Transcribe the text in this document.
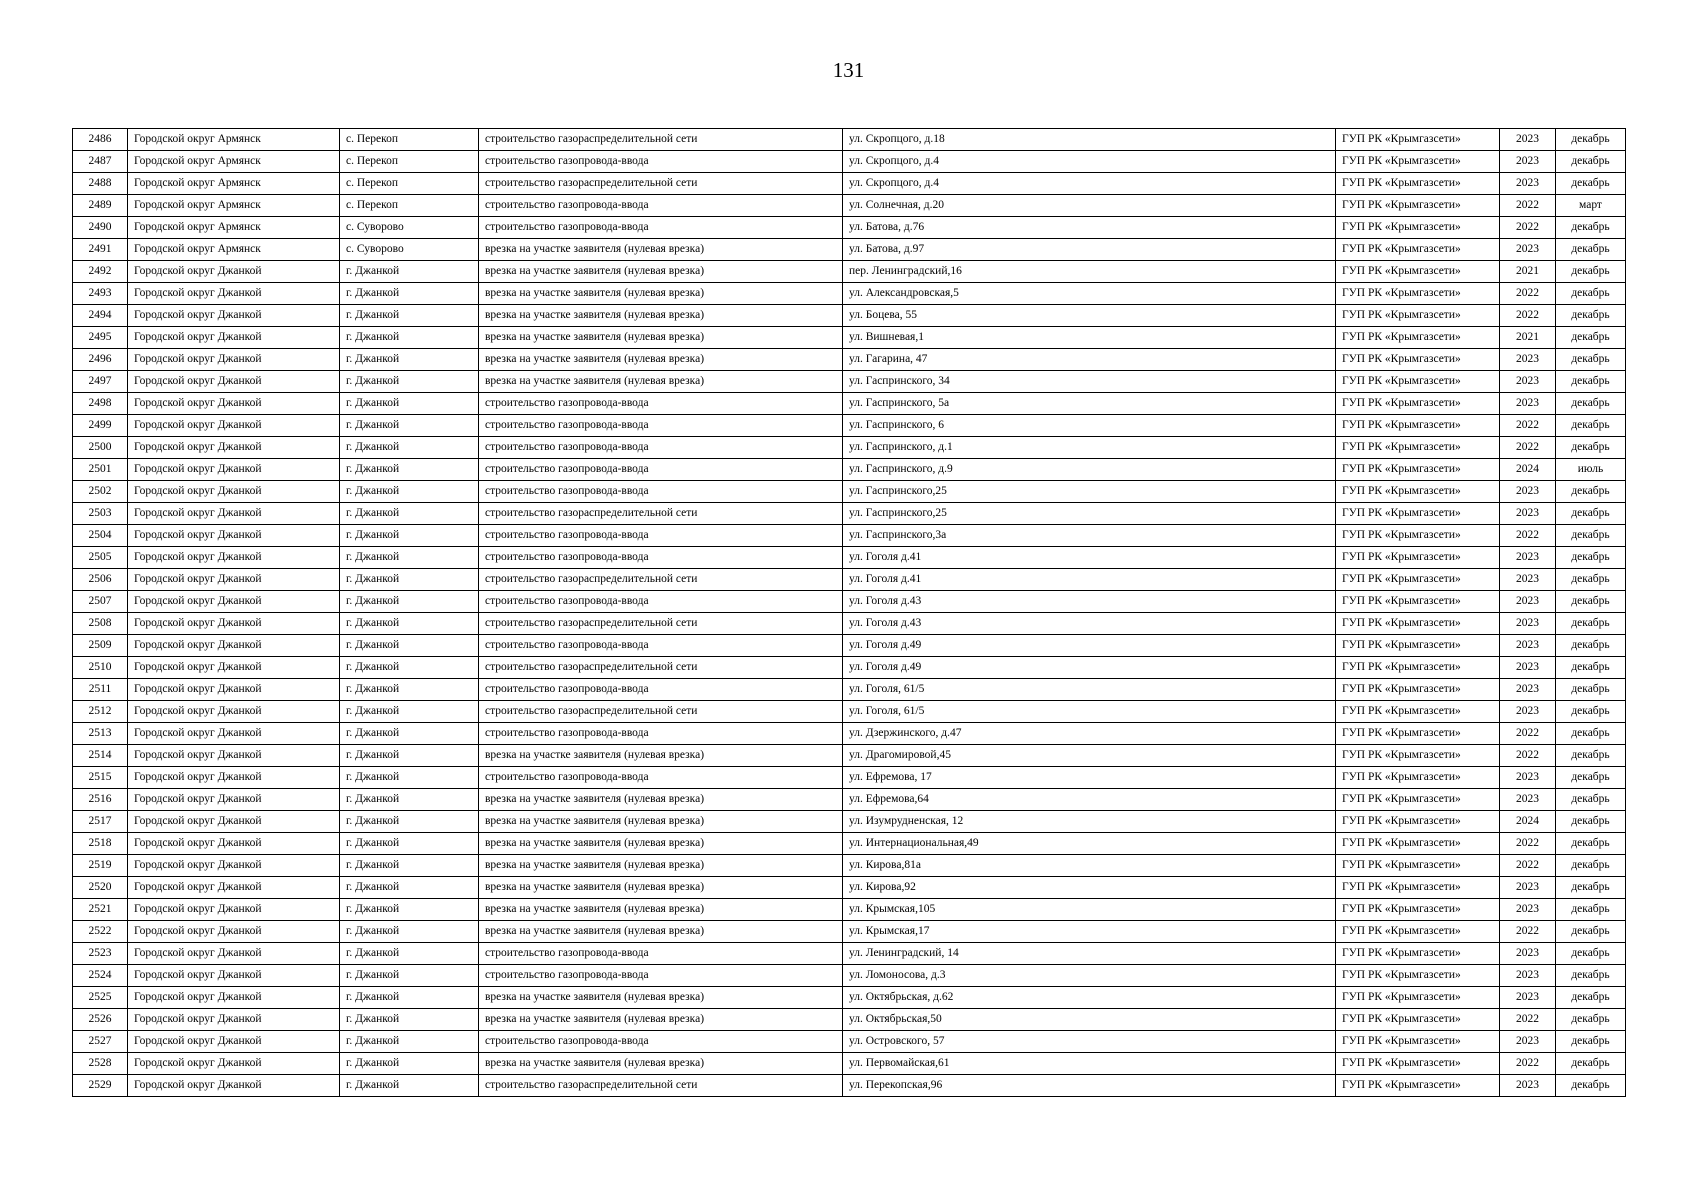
131
2486	Городской округ Армянск	с. Перекоп	строительство газораспределительной сети	ул. Скропцого, д.18	ГУП РК «Крымгазсети»	2023	декабрь
2487	Городской округ Армянск	с. Перекоп	строительство газопровода-ввода	ул. Скропцого, д.4	ГУП РК «Крымгазсети»	2023	декабрь
2488	Городской округ Армянск	с. Перекоп	строительство газораспределительной сети	ул. Скропцого, д.4	ГУП РК «Крымгазсети»	2023	декабрь
2489	Городской округ Армянск	с. Перекоп	строительство газопровода-ввода	ул. Солнечная, д.20	ГУП РК «Крымгазсети»	2022	март
2490	Городской округ Армянск	с. Суворово	строительство газопровода-ввода	ул. Батова, д.76	ГУП РК «Крымгазсети»	2022	декабрь
2491	Городской округ Армянск	с. Суворово	врезка на участке заявителя (нулевая врезка)	ул. Батова, д.97	ГУП РК «Крымгазсети»	2023	декабрь
2492	Городской округ Джанкой	г. Джанкой	врезка на участке заявителя (нулевая врезка)	пер. Ленинградский,16	ГУП РК «Крымгазсети»	2021	декабрь
2493	Городской округ Джанкой	г. Джанкой	врезка на участке заявителя (нулевая врезка)	ул. Александровская,5	ГУП РК «Крымгазсети»	2022	декабрь
2494	Городской округ Джанкой	г. Джанкой	врезка на участке заявителя (нулевая врезка)	ул. Боцева, 55	ГУП РК «Крымгазсети»	2022	декабрь
2495	Городской округ Джанкой	г. Джанкой	врезка на участке заявителя (нулевая врезка)	ул. Вишневая,1	ГУП РК «Крымгазсети»	2021	декабрь
2496	Городской округ Джанкой	г. Джанкой	врезка на участке заявителя (нулевая врезка)	ул. Гагарина, 47	ГУП РК «Крымгазсети»	2023	декабрь
2497	Городской округ Джанкой	г. Джанкой	врезка на участке заявителя (нулевая врезка)	ул. Гаспринского, 34	ГУП РК «Крымгазсети»	2023	декабрь
2498	Городской округ Джанкой	г. Джанкой	строительство газопровода-ввода	ул. Гаспринского, 5а	ГУП РК «Крымгазсети»	2023	декабрь
2499	Городской округ Джанкой	г. Джанкой	строительство газопровода-ввода	ул. Гаспринского, 6	ГУП РК «Крымгазсети»	2022	декабрь
2500	Городской округ Джанкой	г. Джанкой	строительство газопровода-ввода	ул. Гаспринского, д.1	ГУП РК «Крымгазсети»	2022	декабрь
2501	Городской округ Джанкой	г. Джанкой	строительство газопровода-ввода	ул. Гаспринского, д.9	ГУП РК «Крымгазсети»	2024	июль
2502	Городской округ Джанкой	г. Джанкой	строительство газопровода-ввода	ул. Гаспринского,25	ГУП РК «Крымгазсети»	2023	декабрь
2503	Городской округ Джанкой	г. Джанкой	строительство газораспределительной сети	ул. Гаспринского,25	ГУП РК «Крымгазсети»	2023	декабрь
2504	Городской округ Джанкой	г. Джанкой	строительство газопровода-ввода	ул. Гаспринского,3а	ГУП РК «Крымгазсети»	2022	декабрь
2505	Городской округ Джанкой	г. Джанкой	строительство газопровода-ввода	ул. Гоголя д.41	ГУП РК «Крымгазсети»	2023	декабрь
2506	Городской округ Джанкой	г. Джанкой	строительство газораспределительной сети	ул. Гоголя д.41	ГУП РК «Крымгазсети»	2023	декабрь
2507	Городской округ Джанкой	г. Джанкой	строительство газопровода-ввода	ул. Гоголя д.43	ГУП РК «Крымгазсети»	2023	декабрь
2508	Городской округ Джанкой	г. Джанкой	строительство газораспределительной сети	ул. Гоголя д.43	ГУП РК «Крымгазсети»	2023	декабрь
2509	Городской округ Джанкой	г. Джанкой	строительство газопровода-ввода	ул. Гоголя д.49	ГУП РК «Крымгазсети»	2023	декабрь
2510	Городской округ Джанкой	г. Джанкой	строительство газораспределительной сети	ул. Гоголя д.49	ГУП РК «Крымгазсети»	2023	декабрь
2511	Городской округ Джанкой	г. Джанкой	строительство газопровода-ввода	ул. Гоголя, 61/5	ГУП РК «Крымгазсети»	2023	декабрь
2512	Городской округ Джанкой	г. Джанкой	строительство газораспределительной сети	ул. Гоголя, 61/5	ГУП РК «Крымгазсети»	2023	декабрь
2513	Городской округ Джанкой	г. Джанкой	строительство газопровода-ввода	ул. Дзержинского, д.47	ГУП РК «Крымгазсети»	2022	декабрь
2514	Городской округ Джанкой	г. Джанкой	врезка на участке заявителя (нулевая врезка)	ул. Драгомировой,45	ГУП РК «Крымгазсети»	2022	декабрь
2515	Городской округ Джанкой	г. Джанкой	строительство газопровода-ввода	ул. Ефремова, 17	ГУП РК «Крымгазсети»	2023	декабрь
2516	Городской округ Джанкой	г. Джанкой	врезка на участке заявителя (нулевая врезка)	ул. Ефремова,64	ГУП РК «Крымгазсети»	2023	декабрь
2517	Городской округ Джанкой	г. Джанкой	врезка на участке заявителя (нулевая врезка)	ул. Изумрудненская, 12	ГУП РК «Крымгазсети»	2024	декабрь
2518	Городской округ Джанкой	г. Джанкой	врезка на участке заявителя (нулевая врезка)	ул. Интернациональная,49	ГУП РК «Крымгазсети»	2022	декабрь
2519	Городской округ Джанкой	г. Джанкой	врезка на участке заявителя (нулевая врезка)	ул. Кирова,81а	ГУП РК «Крымгазсети»	2022	декабрь
2520	Городской округ Джанкой	г. Джанкой	врезка на участке заявителя (нулевая врезка)	ул. Кирова,92	ГУП РК «Крымгазсети»	2023	декабрь
2521	Городской округ Джанкой	г. Джанкой	врезка на участке заявителя (нулевая врезка)	ул. Крымская,105	ГУП РК «Крымгазсети»	2023	декабрь
2522	Городской округ Джанкой	г. Джанкой	врезка на участке заявителя (нулевая врезка)	ул. Крымская,17	ГУП РК «Крымгазсети»	2022	декабрь
2523	Городской округ Джанкой	г. Джанкой	строительство газопровода-ввода	ул. Ленинградский, 14	ГУП РК «Крымгазсети»	2023	декабрь
2524	Городской округ Джанкой	г. Джанкой	строительство газопровода-ввода	ул. Ломоносова, д.3	ГУП РК «Крымгазсети»	2023	декабрь
2525	Городской округ Джанкой	г. Джанкой	врезка на участке заявителя (нулевая врезка)	ул. Октябрьская, д.62	ГУП РК «Крымгазсети»	2023	декабрь
2526	Городской округ Джанкой	г. Джанкой	врезка на участке заявителя (нулевая врезка)	ул. Октябрьская,50	ГУП РК «Крымгазсети»	2022	декабрь
2527	Городской округ Джанкой	г. Джанкой	строительство газопровода-ввода	ул. Островского, 57	ГУП РК «Крымгазсети»	2023	декабрь
2528	Городской округ Джанкой	г. Джанкой	врезка на участке заявителя (нулевая врезка)	ул. Первомайская,61	ГУП РК «Крымгазсети»	2022	декабрь
2529	Городской округ Джанкой	г. Джанкой	строительство газораспределительной сети	ул. Перекопская,96	ГУП РК «Крымгазсети»	2023	декабрь
